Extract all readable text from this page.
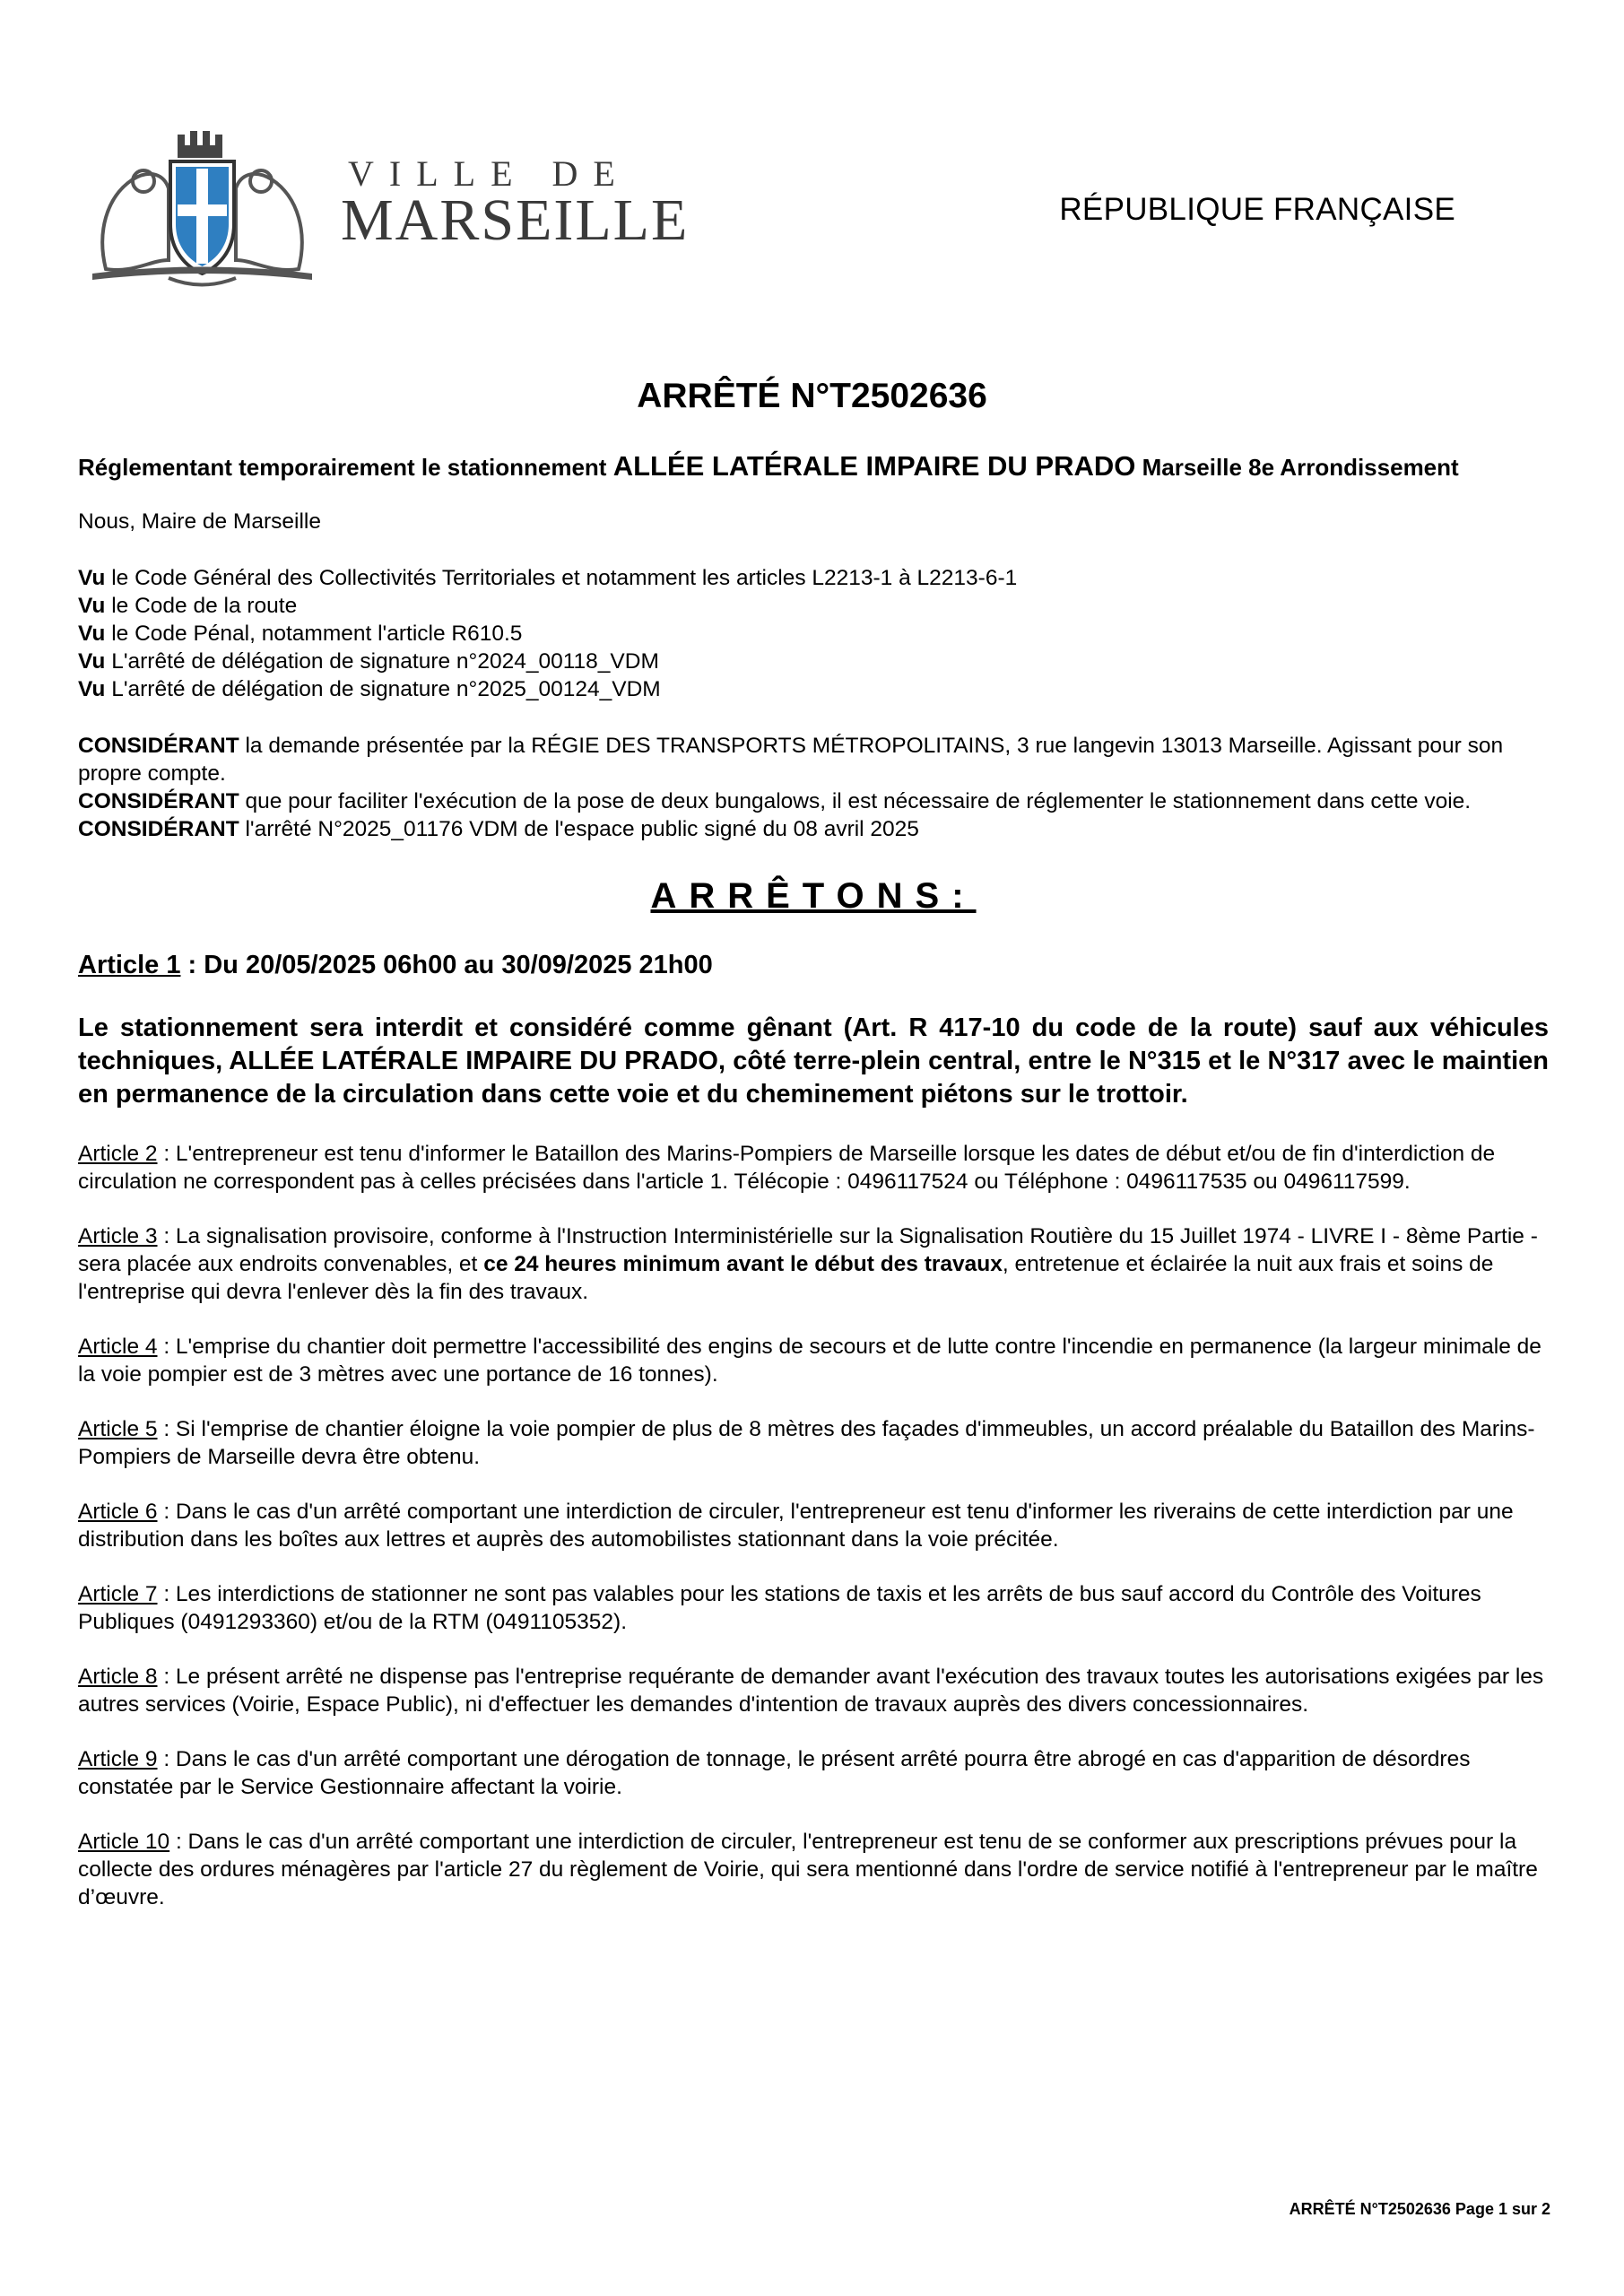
VILLE DE
MARSEILLE	RÉPUBLIQUE FRANÇAISE
ARRÊTÉ N°T2502636
Réglementant temporairement le stationnement ALLÉE LATÉRALE IMPAIRE DU PRADO Marseille 8e Arrondissement

Nous, Maire de Marseille

Vu le Code Général des Collectivités Territoriales et notamment les articles L2213-1 à L2213-6-1

Vu le Code de la route

Vu le Code Pénal, notamment l'article R610.5

Vu L'arrêté de délégation de signature n°2024_00118_VDM

Vu L'arrêté de délégation de signature n°2025_00124_VDM

CONSIDÉRANT la demande présentée par la RÉGIE DES TRANSPORTS MÉTROPOLITAINS, 3 rue langevin 13013 Marseille. Agissant pour son propre compte.

CONSIDÉRANT que pour faciliter l'exécution de la pose de deux bungalows, il est nécessaire de réglementer le stationnement dans cette voie.

CONSIDÉRANT l'arrêté N°2025_01176 VDM de l'espace public signé du 08 avril 2025

ARRÊTONS:

Article 1 : Du 20/05/2025 06h00 au 30/09/2025 21h00

Le stationnement sera interdit et considéré comme gênant (Art. R 417-10 du code de la route) sauf aux véhicules techniques, ALLÉE LATÉRALE IMPAIRE DU PRADO, côté terre-plein central, entre le N°315 et le N°317 avec le maintien en permanence de la circulation dans cette voie et du cheminement piétons sur le trottoir.

Article 2 : L'entrepreneur est tenu d'informer le Bataillon des Marins-Pompiers de Marseille lorsque les dates de début et/ou de fin d'interdiction de circulation ne correspondent pas à celles précisées dans l'article 1. Télécopie : 0496117524 ou Téléphone : 0496117535 ou 0496117599.

Article 3 : La signalisation provisoire, conforme à l'Instruction Interministérielle sur la Signalisation Routière du 15 Juillet 1974 - LIVRE I - 8ème Partie - sera placée aux endroits convenables, et ce 24 heures minimum avant le début des travaux, entretenue et éclairée la nuit aux frais et soins de l'entreprise qui devra l'enlever dès la fin des travaux.

Article 4 : L'emprise du chantier doit permettre l'accessibilité des engins de secours et de lutte contre l'incendie en permanence (la largeur minimale de la voie pompier est de 3 mètres avec une portance de 16 tonnes).

Article 5 : Si l'emprise de chantier éloigne la voie pompier de plus de 8 mètres des façades d'immeubles, un accord préalable du Bataillon des Marins-Pompiers de Marseille devra être obtenu.

Article 6 : Dans le cas d'un arrêté comportant une interdiction de circuler, l'entrepreneur est tenu d'informer les riverains de cette interdiction par une distribution dans les boîtes aux lettres et auprès des automobilistes stationnant dans la voie précitée.

Article 7 : Les interdictions de stationner ne sont pas valables pour les stations de taxis et les arrêts de bus sauf accord du Contrôle des Voitures Publiques (0491293360) et/ou de la RTM (0491105352).

Article 8 : Le présent arrêté ne dispense pas l'entreprise requérante de demander avant l'exécution des travaux toutes les autorisations exigées par les autres services (Voirie, Espace Public), ni d'effectuer les demandes d'intention de travaux auprès des divers concessionnaires.

Article 9 : Dans le cas d'un arrêté comportant une dérogation de tonnage, le présent arrêté pourra être abrogé en cas d'apparition de désordres constatée par le Service Gestionnaire affectant la voirie.

Article 10 : Dans le cas d'un arrêté comportant une interdiction de circuler, l'entrepreneur est tenu de se conformer aux prescriptions prévues pour la collecte des ordures ménagères par l'article 27 du règlement de Voirie, qui sera mentionné dans l'ordre de service notifié à l'entrepreneur par le maître d’œuvre.

ARRÊTÉ N°T2502636 Page 1 sur 2
